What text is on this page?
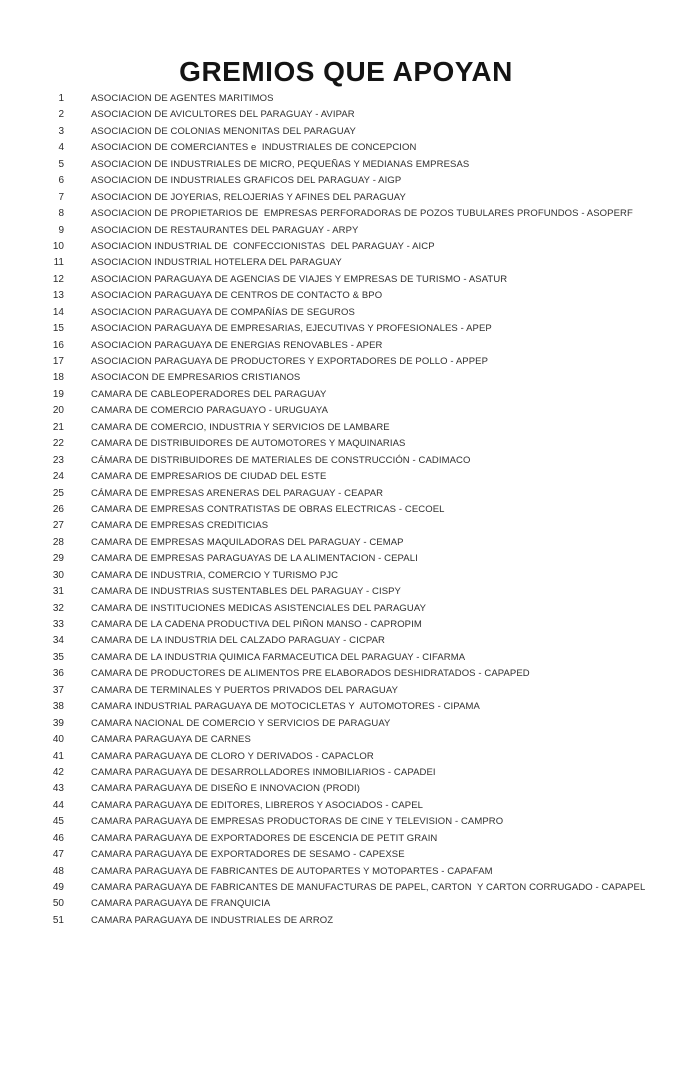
GREMIOS QUE APOYAN
1	ASOCIACION DE AGENTES MARITIMOS
2	ASOCIACION DE AVICULTORES DEL PARAGUAY - AVIPAR
3	ASOCIACION DE COLONIAS MENONITAS DEL PARAGUAY
4	ASOCIACION DE COMERCIANTES e  INDUSTRIALES DE CONCEPCION
5	ASOCIACION DE INDUSTRIALES DE MICRO, PEQUEÑAS Y MEDIANAS EMPRESAS
6	ASOCIACION DE INDUSTRIALES GRAFICOS DEL PARAGUAY - AIGP
7	ASOCIACION DE JOYERIAS, RELOJERIAS Y AFINES DEL PARAGUAY
8	ASOCIACION DE PROPIETARIOS DE  EMPRESAS PERFORADORAS DE POZOS TUBULARES PROFUNDOS - ASOPERF
9	ASOCIACION DE RESTAURANTES DEL PARAGUAY - ARPY
10	ASOCIACION INDUSTRIAL DE  CONFECCIONISTAS  DEL PARAGUAY - AICP
11	ASOCIACION INDUSTRIAL HOTELERA DEL PARAGUAY
12	ASOCIACION PARAGUAYA DE AGENCIAS DE VIAJES Y EMPRESAS DE TURISMO - ASATUR
13	ASOCIACION PARAGUAYA DE CENTROS DE CONTACTO & BPO
14	ASOCIACION PARAGUAYA DE COMPAÑÍAS DE SEGUROS
15	ASOCIACION PARAGUAYA DE EMPRESARIAS, EJECUTIVAS Y PROFESIONALES - APEP
16	ASOCIACION PARAGUAYA DE ENERGIAS RENOVABLES - APER
17	ASOCIACION PARAGUAYA DE PRODUCTORES Y EXPORTADORES DE POLLO - APPEP
18	ASOCIACON DE EMPRESARIOS CRISTIANOS
19	CAMARA DE CABLEOPERADORES DEL PARAGUAY
20	CAMARA DE COMERCIO PARAGUAYO - URUGUAYA
21	CAMARA DE COMERCIO, INDUSTRIA Y SERVICIOS DE LAMBARE
22	CAMARA DE DISTRIBUIDORES DE AUTOMOTORES Y MAQUINARIAS
23	CÁMARA DE DISTRIBUIDORES DE MATERIALES DE CONSTRUCCIÓN - CADIMACO
24	CAMARA DE EMPRESARIOS DE CIUDAD DEL ESTE
25	CÁMARA DE EMPRESAS ARENERAS DEL PARAGUAY - CEAPAR
26	CAMARA DE EMPRESAS CONTRATISTAS DE OBRAS ELECTRICAS - CECOEL
27	CAMARA DE EMPRESAS CREDITICIAS
28	CAMARA DE EMPRESAS MAQUILADORAS DEL PARAGUAY - CEMAP
29	CAMARA DE EMPRESAS PARAGUAYAS DE LA ALIMENTACION - CEPALI
30	CAMARA DE INDUSTRIA, COMERCIO Y TURISMO PJC
31	CAMARA DE INDUSTRIAS SUSTENTABLES DEL PARAGUAY - CISPY
32	CAMARA DE INSTITUCIONES MEDICAS ASISTENCIALES DEL PARAGUAY
33	CAMARA DE LA CADENA PRODUCTIVA DEL PIÑON MANSO - CAPROPIM
34	CAMARA DE LA INDUSTRIA DEL CALZADO PARAGUAY - CICPAR
35	CAMARA DE LA INDUSTRIA QUIMICA FARMACEUTICA DEL PARAGUAY - CIFARMA
36	CAMARA DE PRODUCTORES DE ALIMENTOS PRE ELABORADOS DESHIDRATADOS - CAPAPED
37	CAMARA DE TERMINALES Y PUERTOS PRIVADOS DEL PARAGUAY
38	CAMARA INDUSTRIAL PARAGUAYA DE MOTOCICLETAS Y  AUTOMOTORES - CIPAMA
39	CAMARA NACIONAL DE COMERCIO Y SERVICIOS DE PARAGUAY
40	CAMARA PARAGUAYA DE CARNES
41	CAMARA PARAGUAYA DE CLORO Y DERIVADOS - CAPACLOR
42	CAMARA PARAGUAYA DE DESARROLLADORES INMOBILIARIOS - CAPADEI
43	CAMARA PARAGUAYA DE DISEÑO E INNOVACION (PRODI)
44	CAMARA PARAGUAYA DE EDITORES, LIBREROS Y ASOCIADOS - CAPEL
45	CAMARA PARAGUAYA DE EMPRESAS PRODUCTORAS DE CINE Y TELEVISION - CAMPRO
46	CAMARA PARAGUAYA DE EXPORTADORES DE ESCENCIA DE PETIT GRAIN
47	CAMARA PARAGUAYA DE EXPORTADORES DE SESAMO - CAPEXSE
48	CAMARA PARAGUAYA DE FABRICANTES DE AUTOPARTES Y MOTOPARTES - CAPAFAM
49	CAMARA PARAGUAYA DE FABRICANTES DE MANUFACTURAS DE PAPEL, CARTON  Y CARTON CORRUGADO - CAPAPEL
50	CAMARA PARAGUAYA DE FRANQUICIA
51	CAMARA PARAGUAYA DE INDUSTRIALES DE ARROZ
